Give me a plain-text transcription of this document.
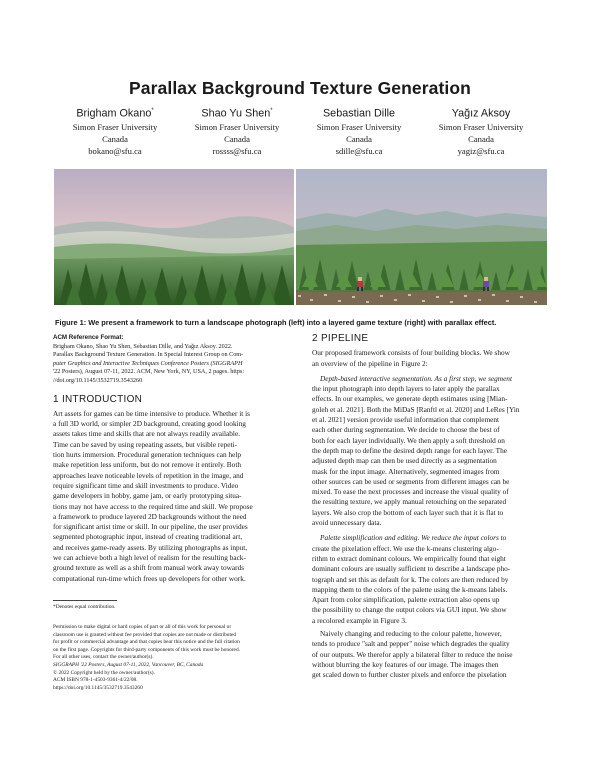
Parallax Background Texture Generation
Brigham Okano*
Simon Fraser University
Canada
bokano@sfu.ca
Shao Yu Shen*
Simon Fraser University
Canada
rossss@sfu.ca
Sebastian Dille
Simon Fraser University
Canada
sdille@sfu.ca
Yağız Aksoy
Simon Fraser University
Canada
yagiz@sfu.ca
Figure 1: We present a framework to turn a landscape photograph (left) into a layered game texture (right) with parallax effect.
ACM Reference Format:
Brigham Okano, Shao Yu Shen, Sebastian Dille, and Yağız Aksoy. 2022.
Parallax Background Texture Generation. In Special Interest Group on Com-
puter Graphics and Interactive Techniques Conference Posters (SIGGRAPH
'22 Posters), August 07-11, 2022. ACM, New York, NY, USA, 2 pages. https:
//doi.org/10.1145/3532719.3543260
1 INTRODUCTION
Art assets for games can be time intensive to produce. Whether it is
a full 3D world, or simpler 2D background, creating good looking
assets takes time and skills that are not always readily available.
Time can be saved by using repeating assets, but visible repeti-
tion hurts immersion. Procedural generation techniques can help
make repetition less uniform, but do not remove it entirely. Both
approaches leave noticeable levels of repetition in the image, and
require significant time and skill investments to produce. Video
game developers in hobby, game jam, or early prototyping situa-
tions may not have access to the required time and skill. We propose
a framework to produce layered 2D backgrounds without the need
for significant artist time or skill. In our pipeline, the user provides
segmented photographic input, instead of creating traditional art,
and receives game-ready assets. By utilizing photographs as input,
we can achieve both a high level of realism for the resulting back-
ground texture as well as a shift from manual work away towards
computational run-time which frees up developers for other work.
*Denotes equal contribution.
Permission to make digital or hard copies of part or all of this work for personal or
classroom use is granted without fee provided that copies are not made or distributed
for profit or commercial advantage and that copies bear this notice and the full citation
on the first page. Copyrights for third-party components of this work must be honored.
For all other uses, contact the owner/author(s).
SIGGRAPH '22 Posters, August 07-11, 2022, Vancouver, BC, Canada
© 2022 Copyright held by the owner/author(s).
ACM ISBN 978-1-4503-9361-4/22/08.
https://doi.org/10.1145/3532719.3543260
2 PIPELINE
Our proposed framework consists of four building blocks. We show
an overview of the pipeline in Figure 2:
Depth-based interactive segmentation. As a first step, we segment
the input photograph into depth layers to later apply the parallax
effects. In our examples, we generate depth estimates using [Mian-
goleh et al. 2021]. Both the MiDaS [Ranftl et al. 2020] and LeRes [Yin
et al. 2021] version provide useful information that complement
each other during segmentation. We decide to choose the best of
both for each layer individually. We then apply a soft threshold on
the depth map to define the desired depth range for each layer. The
adjusted depth map can then be used directly as a segmentation
mask for the input image. Alternatively, segmented images from
other sources can be used or segments from different images can be
mixed. To ease the next processes and increase the visual quality of
the resulting texture, we apply manual retouching on the separated
layers. We also crop the bottom of each layer such that it is flat to
avoid unnecessary data.
Palette simplification and editing. We reduce the input colors to
create the pixelation effect. We use the k-means clustering algo-
rithm to extract dominant colours. We empirically found that eight
dominant colours are usually sufficient to describe a landscape pho-
tograph and set this as default for k. The colors are then reduced by
mapping them to the colors of the palette using the k-means labels.
Apart from color simplification, palette extraction also opens up
the possibility to change the output colors via GUI input. We show
a recolored example in Figure 3.
Naively changing and reducing to the colour palette, however,
tends to produce "salt and pepper" noise which degrades the quality
of our outputs. We therefor apply a bilateral filter to reduce the noise
without blurring the key features of our image. The images then
get scaled down to further cluster pixels and enforce the pixelation
